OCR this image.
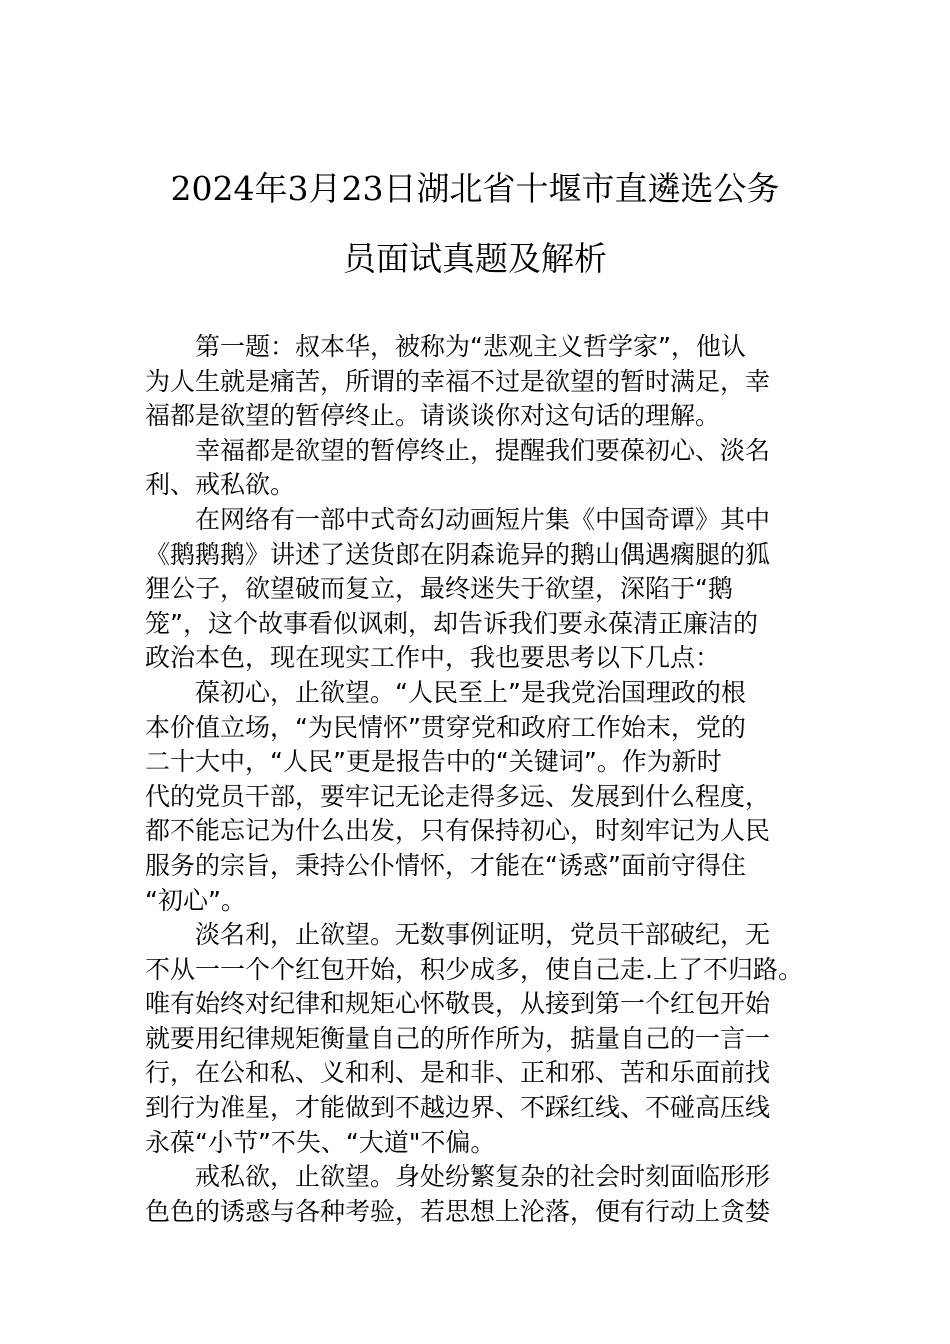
2024年3月23日湖北省十堰市直遴选公务
员面试真题及解析
第一题：叔本华，被称为“悲观主义哲学家”，他认
为人生就是痛苦，所谓的幸福不过是欲望的暂时满足，幸
福都是欲望的暂停终止。请谈谈你对这句话的理解。
幸福都是欲望的暂停终止，提醒我们要葆初心、淡名
利、戒私欲。
在网络有一部中式奇幻动画短片集《中国奇谭》其中
《鹅鹅鹅》讲述了送货郎在阴森诡异的鹅山偶遇瘸腿的狐
狸公子，欲望破而复立，最终迷失于欲望，深陷于“鹅
笼”，这个故事看似讽刺，却告诉我们要永葆清正廉洁的
政治本色，现在现实工作中，我也要思考以下几点：
葆初心，止欲望。“人民至上”是我党治国理政的根
本价值立场，“为民情怀”贯穿党和政府工作始末，党的
二十大中，“人民”更是报告中的“关键词”。作为新时
代的党员干部，要牢记无论走得多远、发展到什么程度，
都不能忘记为什么出发，只有保持初心，时刻牢记为人民
服务的宗旨，秉持公仆情怀，才能在“诱惑”面前守得住
“初心”。
淡名利，止欲望。无数事例证明，党员干部破纪，无
不从一一个个红包开始，积少成多，使自己走.上了不归路。
唯有始终对纪律和规矩心怀敬畏，从接到第一个红包开始
就要用纪律规矩衡量自己的所作所为，掂量自己的一言一
行，在公和私、义和利、是和非、正和邪、苦和乐面前找
到行为准星，才能做到不越边界、不踩红线、不碰高压线
永葆“小节”不失、“大道"不偏。
戒私欲，止欲望。身处纷繁复杂的社会时刻面临形形
色色的诱惑与各种考验，若思想上沦落，便有行动上贪婪
